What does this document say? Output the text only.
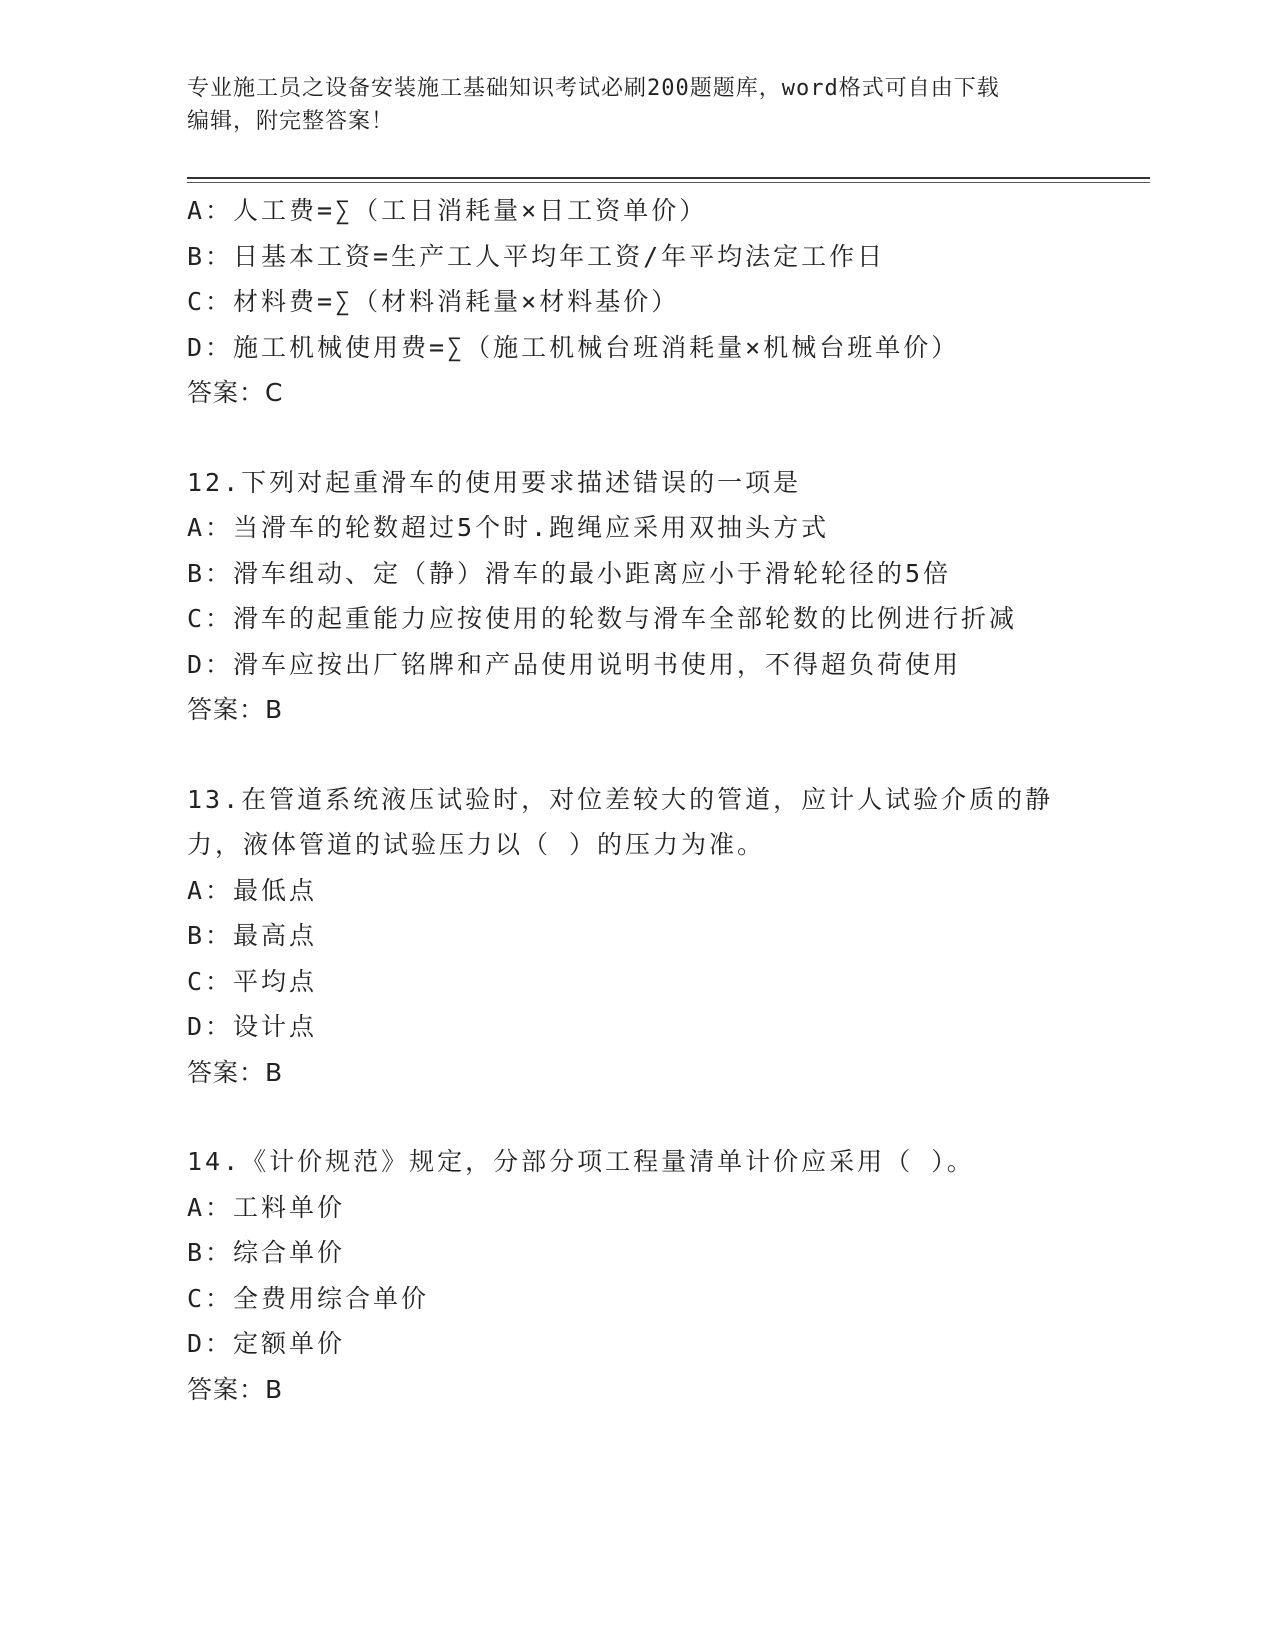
专业施工员之设备安装施工基础知识考试必刷200题题库，word格式可自由下载
编辑，附完整答案！
A：人工费=∑（工日消耗量×日工资单价）
B：日基本工资=生产工人平均年工资/年平均法定工作日
C：材料费=∑（材料消耗量×材料基价）
D：施工机械使用费=∑（施工机械台班消耗量×机械台班单价）
答案：C
12.下列对起重滑车的使用要求描述错误的一项是
A：当滑车的轮数超过5个时.跑绳应采用双抽头方式
B：滑车组动、定（静）滑车的最小距离应小于滑轮轮径的5倍
C：滑车的起重能力应按使用的轮数与滑车全部轮数的比例进行折减
D：滑车应按出厂铭牌和产品使用说明书使用，不得超负荷使用
答案：B
13.在管道系统液压试验时，对位差较大的管道，应计人试验介质的静
力，液体管道的试验压力以（ ）的压力为准。
A：最低点
B：最高点
C：平均点
D：设计点
答案：B
14.《计价规范》规定，分部分项工程量清单计价应采用（ ）。
A：工料单价
B：综合单价
C：全费用综合单价
D：定额单价
答案：B
